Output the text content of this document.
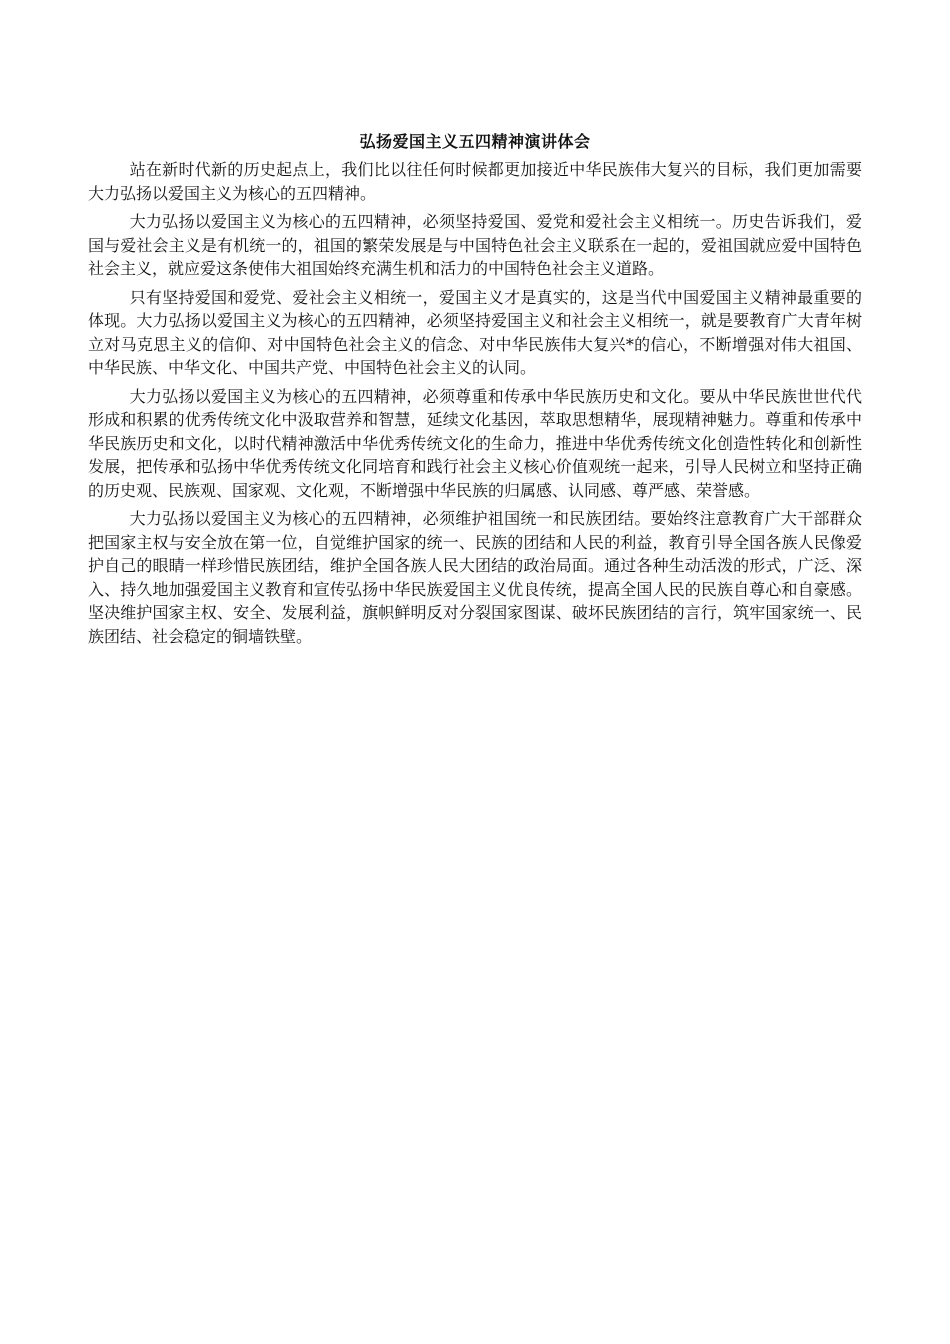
弘扬爱国主义五四精神演讲体会

站在新时代新的历史起点上，我们比以往任何时候都更加接近中华民族伟大复兴的目标，我们更加需要大力弘扬以爱国主义为核心的五四精神。

大力弘扬以爱国主义为核心的五四精神，必须坚持爱国、爱党和爱社会主义相统一。历史告诉我们，爱国与爱社会主义是有机统一的，祖国的繁荣发展是与中国特色社会主义联系在一起的，爱祖国就应爱中国特色社会主义，就应爱这条使伟大祖国始终充满生机和活力的中国特色社会主义道路。

只有坚持爱国和爱党、爱社会主义相统一，爱国主义才是真实的，这是当代中国爱国主义精神最重要的体现。大力弘扬以爱国主义为核心的五四精神，必须坚持爱国主义和社会主义相统一，就是要教育广大青年树立对马克思主义的信仰、对中国特色社会主义的信念、对中华民族伟大复兴*的信心，不断增强对伟大祖国、中华民族、中华文化、中国共产党、中国特色社会主义的认同。

大力弘扬以爱国主义为核心的五四精神，必须尊重和传承中华民族历史和文化。要从中华民族世世代代形成和积累的优秀传统文化中汲取营养和智慧，延续文化基因，萃取思想精华，展现精神魅力。尊重和传承中华民族历史和文化，以时代精神激活中华优秀传统文化的生命力，推进中华优秀传统文化创造性转化和创新性发展，把传承和弘扬中华优秀传统文化同培育和践行社会主义核心价值观统一起来，引导人民树立和坚持正确的历史观、民族观、国家观、文化观，不断增强中华民族的归属感、认同感、尊严感、荣誉感。

大力弘扬以爱国主义为核心的五四精神，必须维护祖国统一和民族团结。要始终注意教育广大干部群众把国家主权与安全放在第一位，自觉维护国家的统一、民族的团结和人民的利益，教育引导全国各族人民像爱护自己的眼睛一样珍惜民族团结，维护全国各族人民大团结的政治局面。通过各种生动活泼的形式，广泛、深入、持久地加强爱国主义教育和宣传弘扬中华民族爱国主义优良传统，提高全国人民的民族自尊心和自豪感。坚决维护国家主权、安全、发展利益，旗帜鲜明反对分裂国家图谋、破坏民族团结的言行，筑牢国家统一、民族团结、社会稳定的铜墙铁壁。
